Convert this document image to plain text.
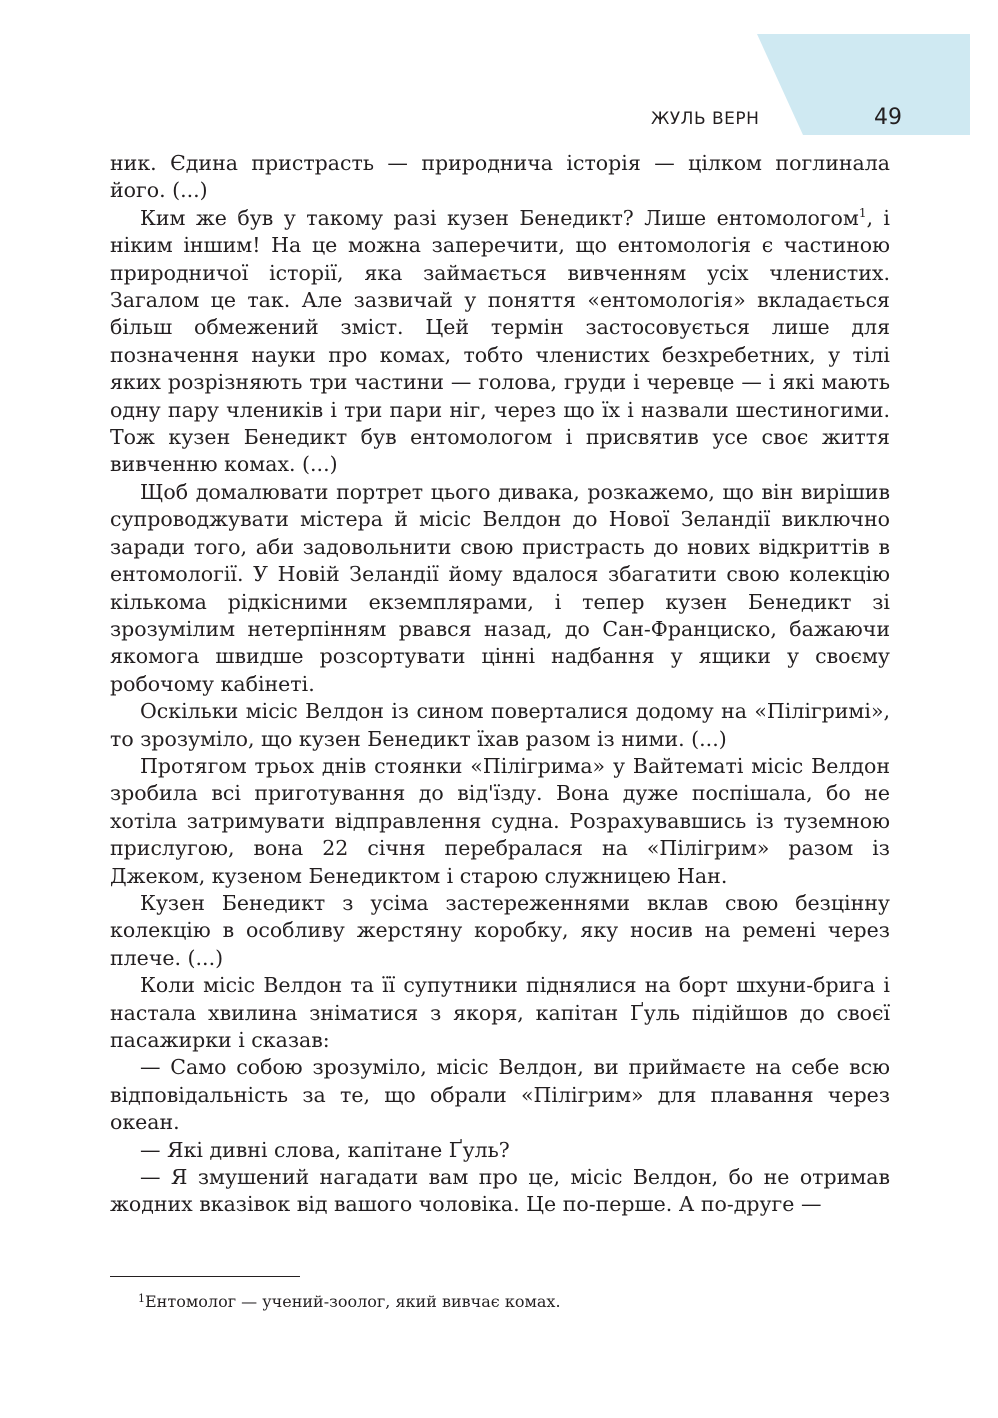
ЖУЛЬ ВЕРН	49

ник. Єдина пристрасть — природнича історія — цілком поглинала його. (...)

Ким же був у такому разі кузен Бенедикт? Лише ентомологом$^1$, і ніким іншим! На це можна заперечити, що ентомологія є частиною природничої історії, яка займається вивченням усіх членистих. Загалом це так. Але зазвичай у поняття «ентомологія» вкладається більш обмежений зміст. Цей термін застосовується лише для позначення науки про комах, тобто членистих безхребетних, у тілі яких розрізняють три частини — голова, груди і черевце — і які мають одну пару члеників і три пари ніг, через що їх і назвали шестиногими. Тож кузен Бенедикт був ентомологом і присвятив усе своє життя вивченню комах. (...)

Щоб домалювати портрет цього дивака, розкажемо, що він вирішив супроводжувати містера й місіс Велдон до Нової Зеландії виключно заради того, аби задовольнити свою пристрасть до нових відкриттів в ентомології. У Новій Зеландії йому вдалося збагатити свою колекцію кількома рідкісними екземплярами, і тепер кузен Бенедикт зі зрозумілим нетерпінням рвався назад, до Сан-Франциско, бажаючи якомога швидше розсортувати цінні надбання у ящики у своєму робочому кабінеті.

Оскільки місіс Велдон із сином поверталися додому на «Пілігримі», то зрозуміло, що кузен Бенедикт їхав разом із ними. (...)

Протягом трьох днів стоянки «Пілігрима» у Вайтематі місіс Велдон зробила всі приготування до від'їзду. Вона дуже поспішала, бо не хотіла затримувати відправлення судна. Розрахувавшись із туземною прислугою, вона 22 січня перебралася на «Пілігрим» разом із Джеком, кузеном Бенедиктом і старою служницею Нан.

Кузен Бенедикт з усіма застереженнями вклав свою безцінну колекцію в особливу жерстяну коробку, яку носив на ремені через плече. (...)

Коли місіс Велдон та її супутники піднялися на борт шхуни-брига і настала хвилина зніматися з якоря, капітан Ґуль підійшов до своєї пасажирки і сказав:

— Само собою зрозуміло, місіс Велдон, ви приймаєте на себе всю відповідальність за те, що обрали «Пілігрим» для плавання через океан.

— Які дивні слова, капітане Ґуль?

— Я змушений нагадати вам про це, місіс Велдон, бо не отримав жодних вказівок від вашого чоловіка. Це по-перше. А по-друге —

$^1$Ентомолог — учений-зоолог, який вивчає комах.
